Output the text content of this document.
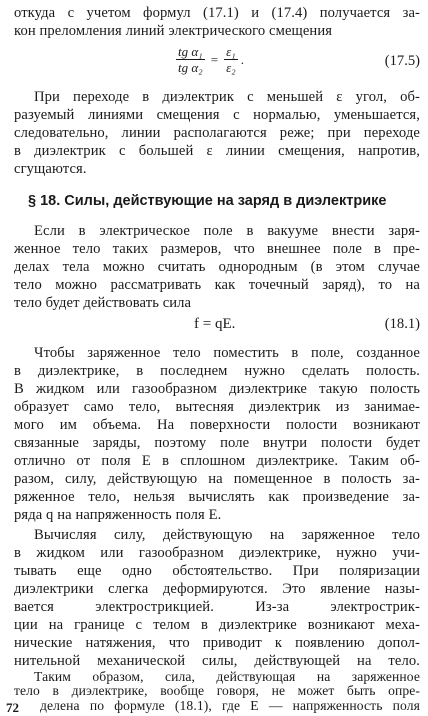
откуда с учетом формул (17.1) и (17.4) получается за-
кон преломления линий электрического смещения
$\frac{\text{tg α₁}}{\text{tg α₂}} = \frac{\text{ε₁}}{\text{ε₂}}$ .	(17.5)
При переходе в диэлектрик с меньшей ε угол, об-
разуемый линиями смещения с нормалью, уменьшается,
следовательно, линии располагаются реже; при переходе
в диэлектрик с большей ε линии смещения, напротив,
сгущаются.
§ 18. Силы, действующие на заряд в диэлектрике
Если в электрическое поле в вакууме внести заря-
женное тело таких размеров, что внешнее поле в пре-
делах тела можно считать однородным (в этом случае
тело можно рассматривать как точечный заряд), то на
тело будет действовать сила
f = qE.	(18.1)
Чтобы заряженное тело поместить в поле, созданное
в диэлектрике, в последнем нужно сделать полость.
В жидком или газообразном диэлектрике такую полость
образует само тело, вытесняя диэлектрик из занимае-
мого им объема. На поверхности полости возникают
связанные заряды, поэтому поле внутри полости будет
отлично от поля E в сплошном диэлектрике. Таким об-
разом, силу, действующую на помещенное в полость за-
ряженное тело, нельзя вычислять как произведение за-
ряда q на напряженность поля E.
Вычисляя силу, действующую на заряженное тело
в жидком или газообразном диэлектрике, нужно учи-
тывать еще одно обстоятельство. При поляризации
диэлектрики слегка деформируются. Это явление назы-
вается электрострикцией. Из-за электрострик-
ции на границе с телом в диэлектрике возникают меха-
нические натяжения, что приводит к появлению допол-
нительной механической силы, действующей на тело.
Таким образом, сила, действующая на заряженное
тело в диэлектрике, вообще говоря, не может быть опре-
72 делена по формуле (18.1), где E — напряженность поля
